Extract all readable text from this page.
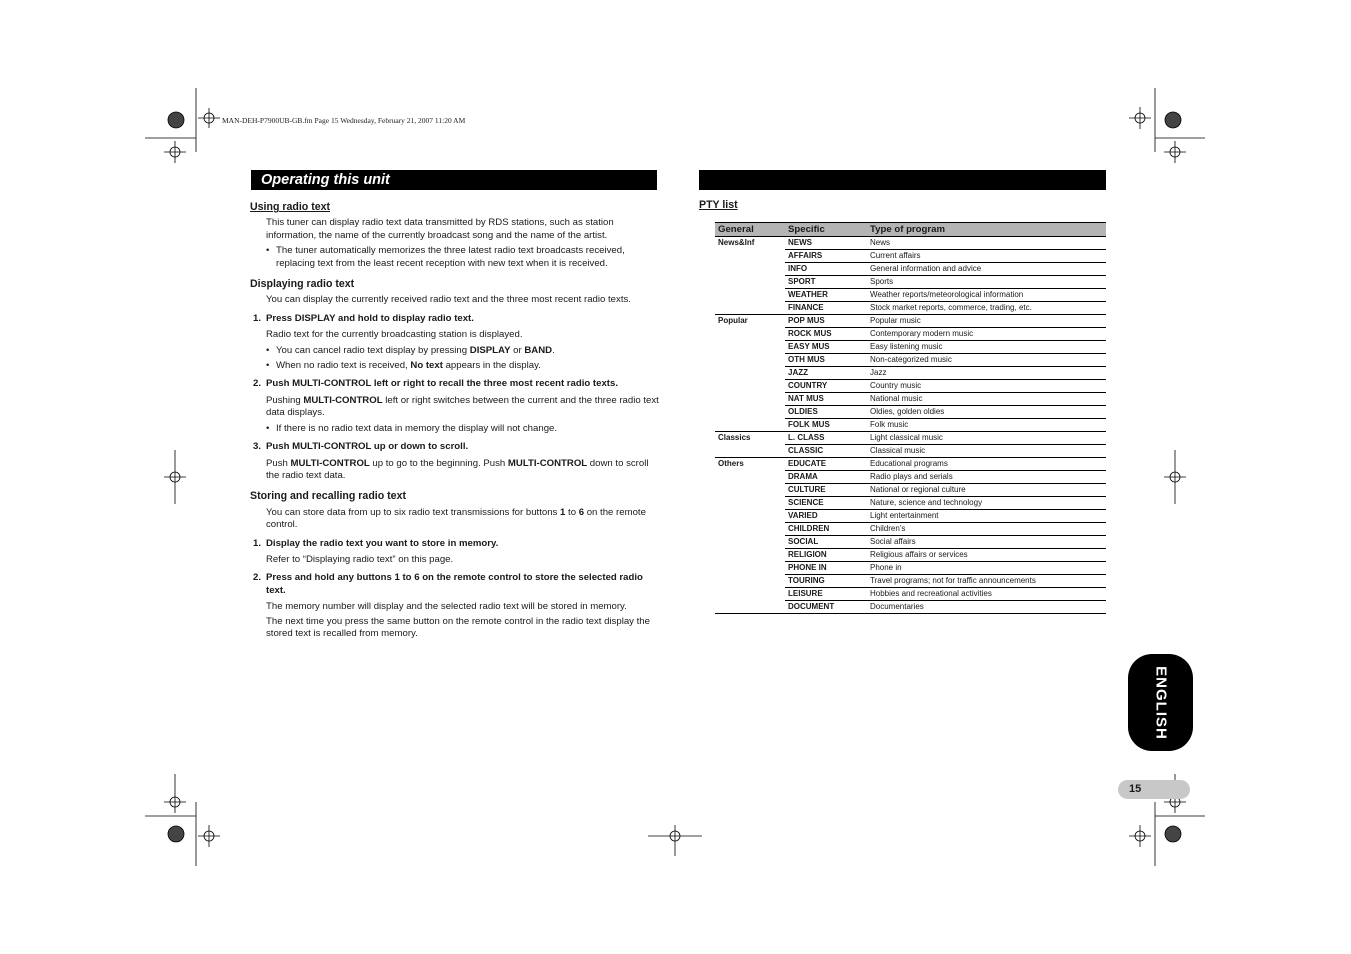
MAN-DEH-P7900UB-GB.fm Page 15 Wednesday, February 21, 2007 11:20 AM
Operating this unit
Using radio text
This tuner can display radio text data transmitted by RDS stations, such as station information, the name of the currently broadcast song and the name of the artist.
• The tuner automatically memorizes the three latest radio text broadcasts received, replacing text from the least recent reception with new text when it is received.
Displaying radio text
You can display the currently received radio text and the three most recent radio texts.
1. Press DISPLAY and hold to display radio text.
Radio text for the currently broadcasting station is displayed.
• You can cancel radio text display by pressing DISPLAY or BAND.
• When no radio text is received, No text appears in the display.
2. Push MULTI-CONTROL left or right to recall the three most recent radio texts.
Pushing MULTI-CONTROL left or right switches between the current and the three radio text data displays.
• If there is no radio text data in memory the display will not change.
3. Push MULTI-CONTROL up or down to scroll.
Push MULTI-CONTROL up to go to the beginning. Push MULTI-CONTROL down to scroll the radio text data.
Storing and recalling radio text
You can store data from up to six radio text transmissions for buttons 1 to 6 on the remote control.
1. Display the radio text you want to store in memory.
Refer to “Displaying radio text” on this page.
2. Press and hold any buttons 1 to 6 on the remote control to store the selected radio text.
The memory number will display and the selected radio text will be stored in memory.
The next time you press the same button on the remote control in the radio text display the stored text is recalled from memory.
PTY list
General	Specific	Type of program
News&Inf	NEWS	News
	AFFAIRS	Current affairs
	INFO	General information and advice
	SPORT	Sports
	WEATHER	Weather reports/meteorological information
	FINANCE	Stock market reports, commerce, trading, etc.
Popular	POP MUS	Popular music
	ROCK MUS	Contemporary modern music
	EASY MUS	Easy listening music
	OTH MUS	Non-categorized music
	JAZZ	Jazz
	COUNTRY	Country music
	NAT MUS	National music
	OLDIES	Oldies, golden oldies
	FOLK MUS	Folk music
Classics	L. CLASS	Light classical music
	CLASSIC	Classical music
Others	EDUCATE	Educational programs
	DRAMA	Radio plays and serials
	CULTURE	National or regional culture
	SCIENCE	Nature, science and technology
	VARIED	Light entertainment
	CHILDREN	Children’s
	SOCIAL	Social affairs
	RELIGION	Religious affairs or services
	PHONE IN	Phone in
	TOURING	Travel programs; not for traffic announcements
	LEISURE	Hobbies and recreational activities
	DOCUMENT	Documentaries
ENGLISH
15
